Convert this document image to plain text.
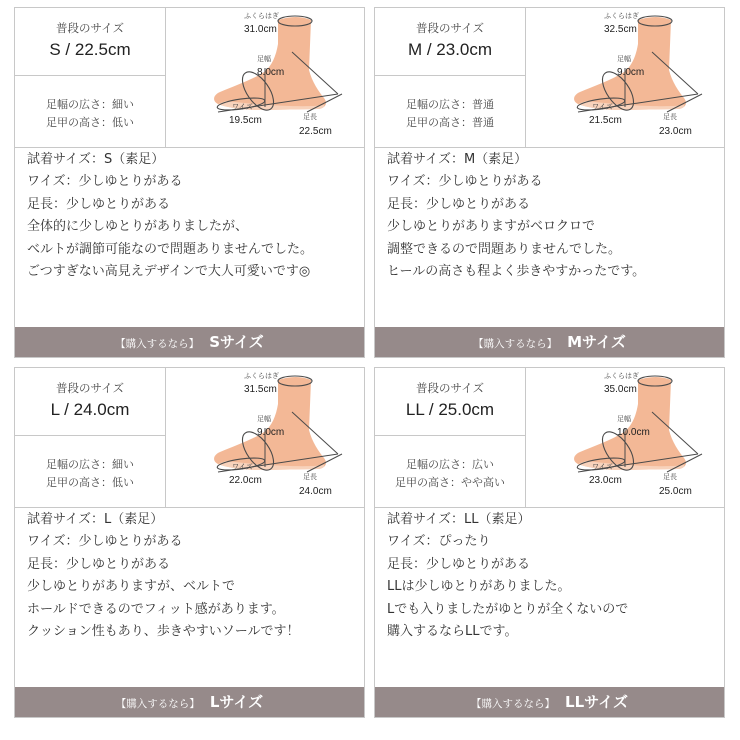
普段のサイズ
S / 22.5cm
足幅の広さ：細い
足甲の高さ：低い
ふくらはぎ
31.0cm
足幅
8.0cm
ワイズ
19.5cm	足長
22.5cm
試着サイズ：S（素足）
ワイズ：少しゆとりがある
足長：少しゆとりがある
全体的に少しゆとりがありましたが、
ベルトが調節可能なので問題ありませんでした。
ごつすぎない高見えデザインで大人可愛いです◎
【購入するなら】 Sサイズ
普段のサイズ
M / 23.0cm
足幅の広さ：普通
足甲の高さ：普通
ふくらはぎ
32.5cm
足幅
9.0cm
ワイズ
21.5cm	足長
23.0cm
試着サイズ：M（素足）
ワイズ：少しゆとりがある
足長：少しゆとりがある
少しゆとりがありますがベロクロで
調整できるので問題ありませんでした。
ヒールの高さも程よく歩きやすかったです。
【購入するなら】 Mサイズ
普段のサイズ
L / 24.0cm
足幅の広さ：細い
足甲の高さ：低い
ふくらはぎ
31.5cm
足幅
9.0cm
ワイズ
22.0cm	足長
24.0cm
試着サイズ：L（素足）
ワイズ：少しゆとりがある
足長：少しゆとりがある
少しゆとりがありますが、ベルトで
ホールドできるのでフィット感があります。
クッション性もあり、歩きやすいソールです！
【購入するなら】 Lサイズ
普段のサイズ
LL / 25.0cm
足幅の広さ：広い
足甲の高さ：やや高い
ふくらはぎ
35.0cm
足幅
10.0cm
ワイズ
23.0cm	足長
25.0cm
試着サイズ：LL（素足）
ワイズ：ぴったり
足長：少しゆとりがある
LLは少しゆとりがありました。
Lでも入りましたがゆとりが全くないので
購入するならLLです。
【購入するなら】 LLサイズ
